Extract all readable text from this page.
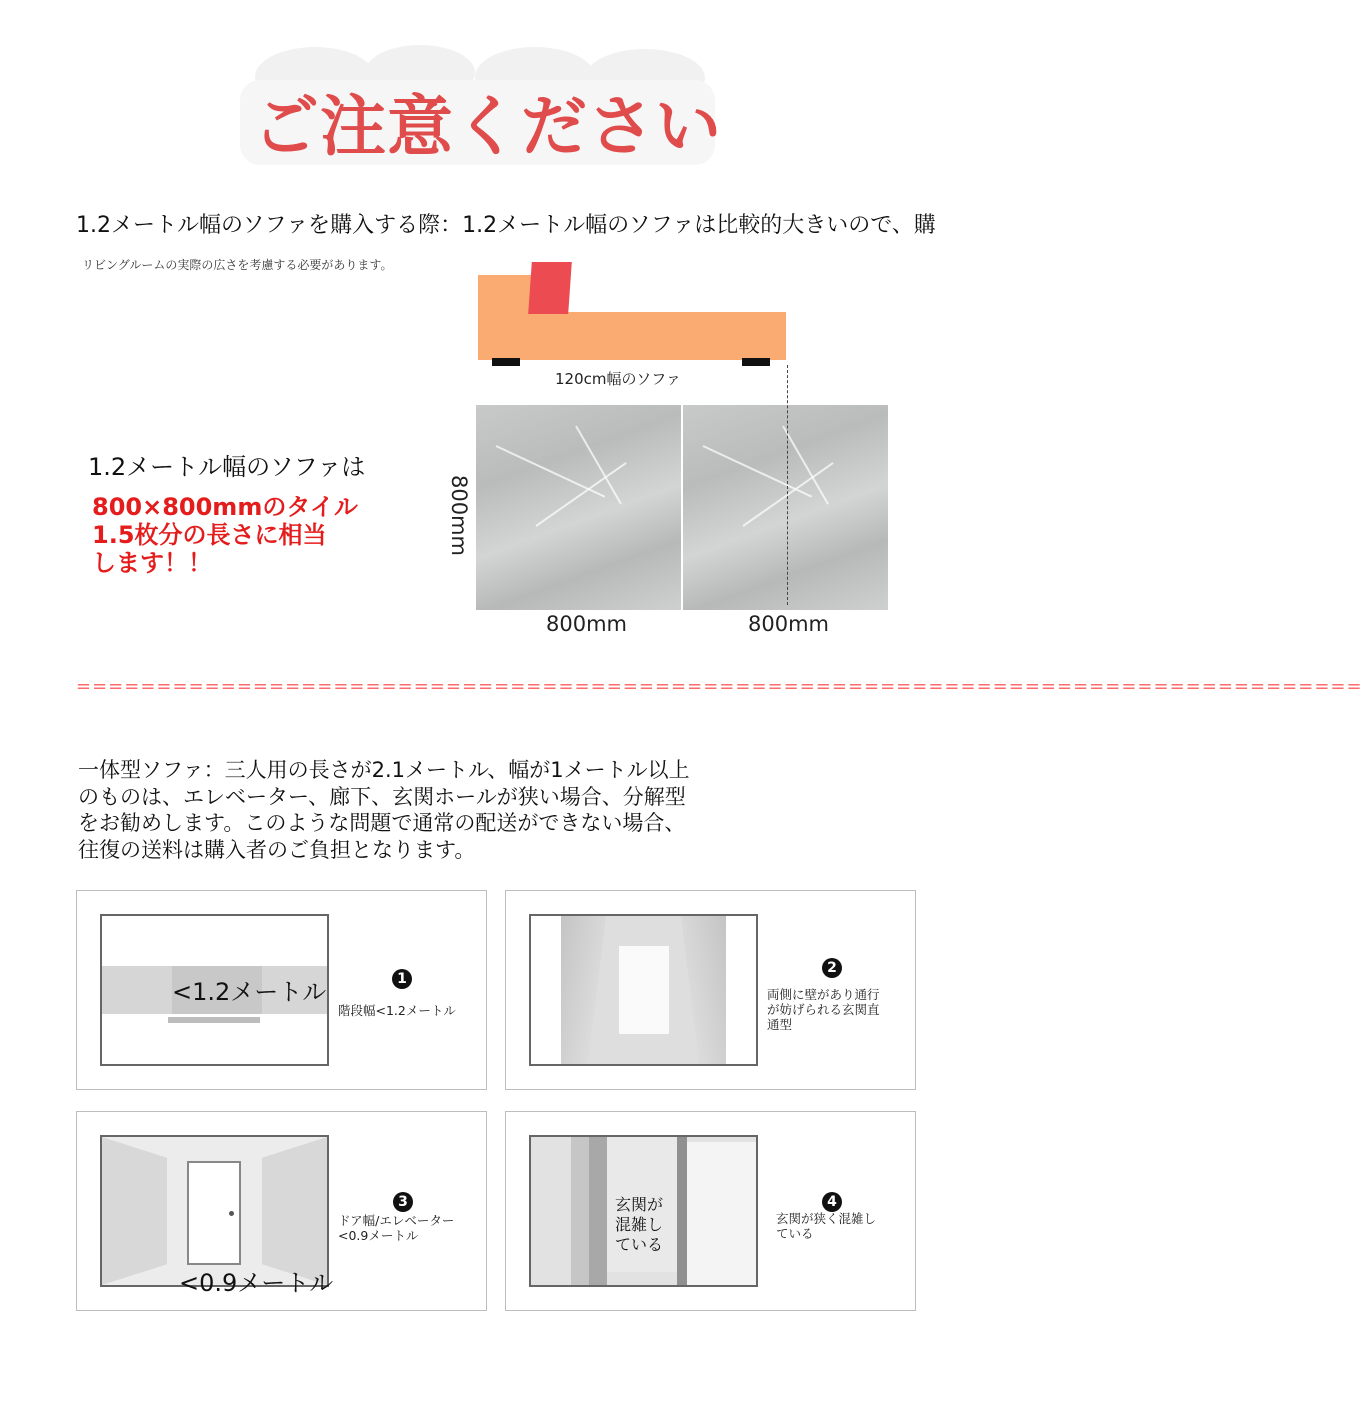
ご注意ください
1.2メートル幅のソファを購入する際：1.2メートル幅のソファは比較的大きいので、購
リビングルームの実際の広さを考慮する必要があります。
120cm幅のソファ
800mm
800mm	800mm
1.2メートル幅のソファは
800×800mmのタイル
1.5枚分の長さに相当
します！！
================================================================================
一体型ソファ：三人用の長さが2.1メートル、幅が1メートル以上
のものは、エレベーター、廊下、玄関ホールが狭い場合、分解型
をお勧めします。このような問題で通常の配送ができない場合、
往復の送料は購入者のご負担となります。
<1.2メートル	1
階段幅<1.2メートル
2
両側に壁があり通行
が妨げられる玄関直
通型
<0.9メートル
3
ドア幅/エレベーター
<0.9メートル
玄関が
混雑し
ている
4
玄関が狭く混雑し
ている
